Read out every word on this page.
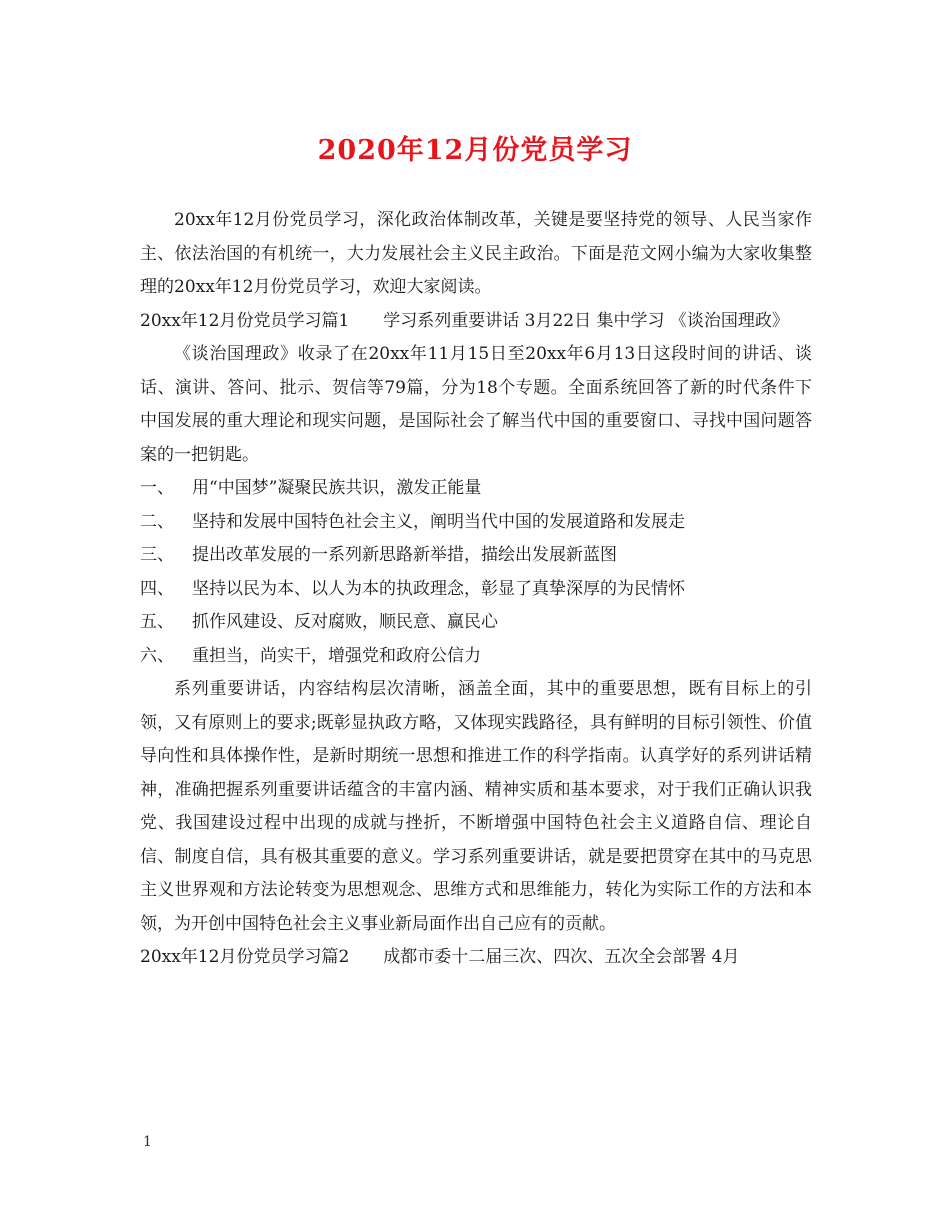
2020年12月份党员学习

20xx年12月份党员学习，深化政治体制改革，关键是要坚持党的领导、人民当家作主、依法治国的有机统一，大力发展社会主义民主政治。下面是范文网小编为大家收集整理的20xx年12月份党员学习，欢迎大家阅读。

20xx年12月份党员学习篇1　　学习系列重要讲话 3月22日 集中学习 《谈治国理政》

《谈治国理政》收录了在20xx年11月15日至20xx年6月13日这段时间的讲话、谈话、演讲、答问、批示、贺信等79篇，分为18个专题。全面系统回答了新的时代条件下中国发展的重大理论和现实问题，是国际社会了解当代中国的重要窗口、寻找中国问题答案的一把钥匙。

一、 用“中国梦”凝聚民族共识，激发正能量

二、 坚持和发展中国特色社会主义，阐明当代中国的发展道路和发展走

三、 提出改革发展的一系列新思路新举措，描绘出发展新蓝图

四、 坚持以民为本、以人为本的执政理念，彰显了真挚深厚的为民情怀

五、 抓作风建设、反对腐败，顺民意、赢民心

六、 重担当，尚实干，增强党和政府公信力

系列重要讲话，内容结构层次清晰，涵盖全面，其中的重要思想，既有目标上的引领，又有原则上的要求;既彰显执政方略，又体现实践路径，具有鲜明的目标引领性、价值导向性和具体操作性，是新时期统一思想和推进工作的科学指南。认真学好的系列讲话精神，准确把握系列重要讲话蕴含的丰富内涵、精神实质和基本要求，对于我们正确认识我党、我国建设过程中出现的成就与挫折，不断增强中国特色社会主义道路自信、理论自信、制度自信，具有极其重要的意义。学习系列重要讲话，就是要把贯穿在其中的马克思主义世界观和方法论转变为思想观念、思维方式和思维能力，转化为实际工作的方法和本领，为开创中国特色社会主义事业新局面作出自己应有的贡献。

20xx年12月份党员学习篇2　　成都市委十二届三次、四次、五次全会部署 4月

1
